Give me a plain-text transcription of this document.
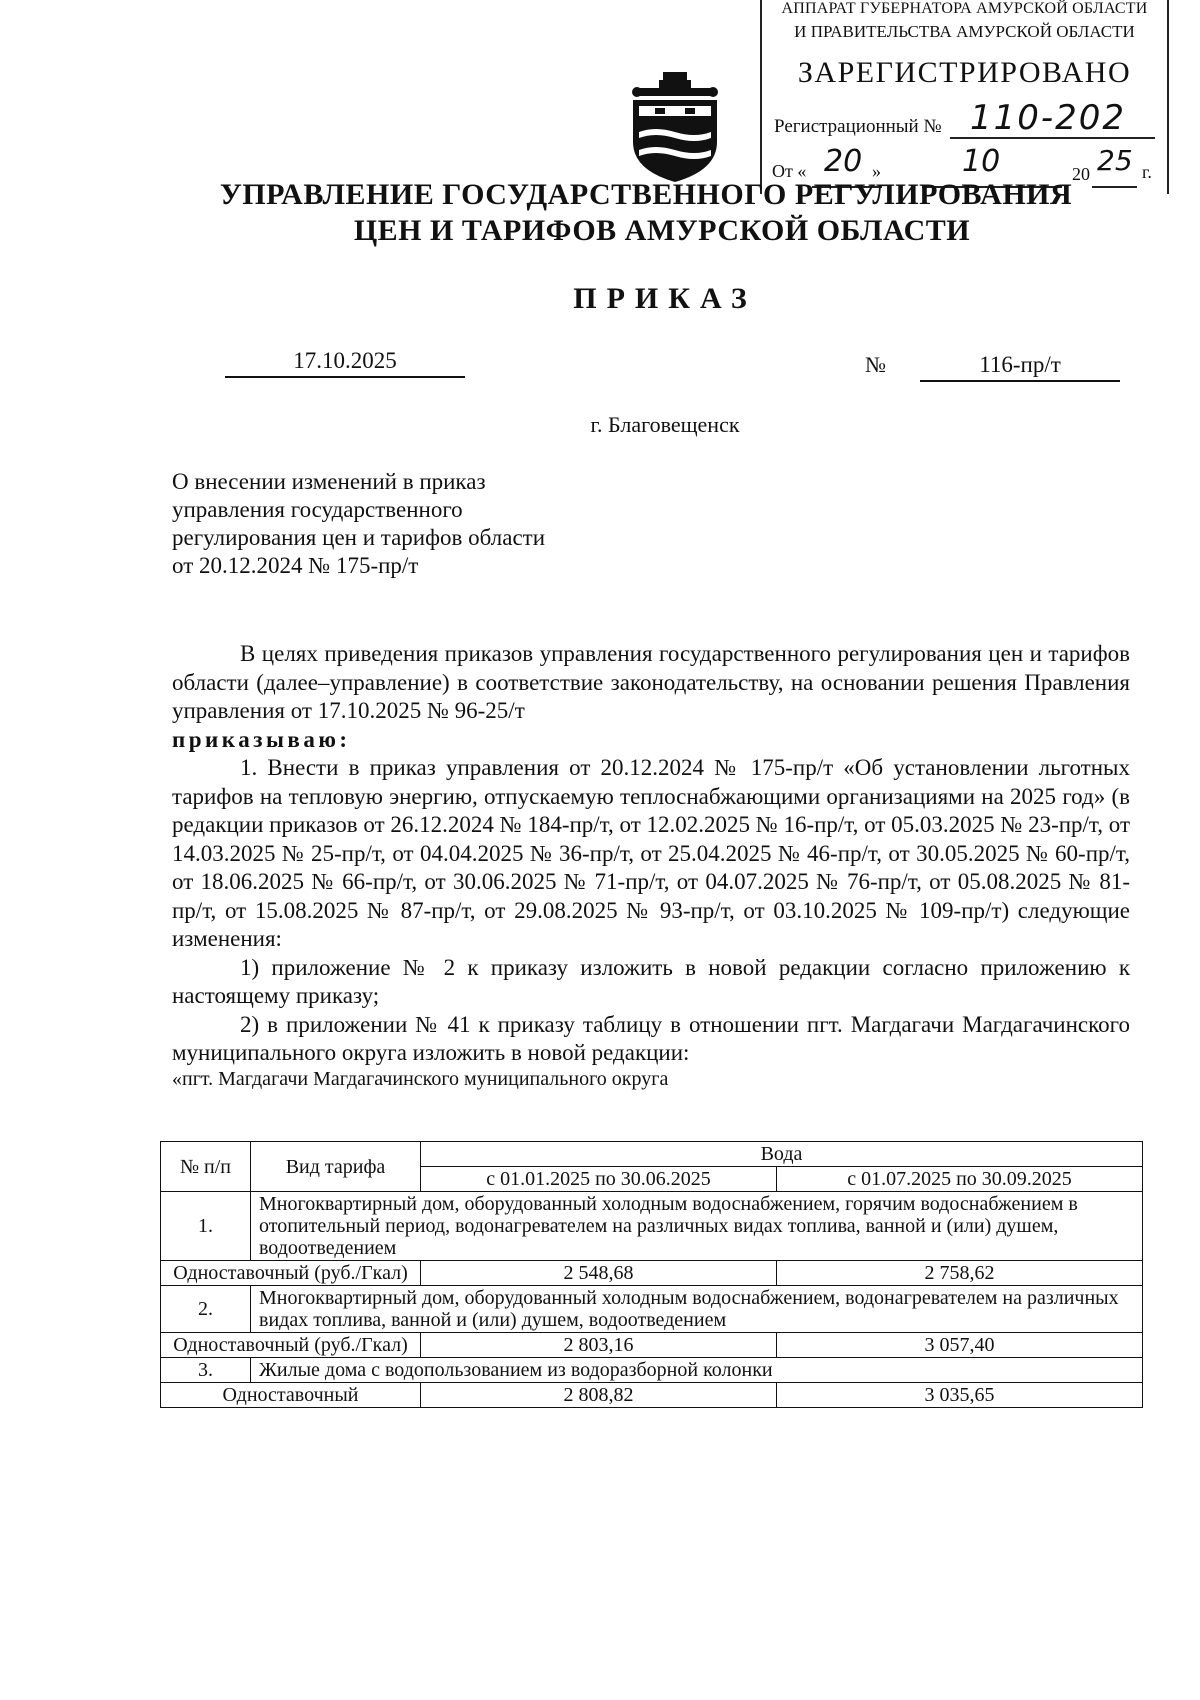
АППАРАТ ГУБЕРНАТОРА АМУРСКОЙ ОБЛАСТИ
И ПРАВИТЕЛЬСТВА АМУРСКОЙ ОБЛАСТИ
ЗАРЕГИСТРИРОВАНО
Регистрационный № 110-202
От « 20 »	10	20 25 г.
УПРАВЛЕНИЕ ГОСУДАРСТВЕННОГО РЕГУЛИРОВАНИЯ
ЦЕН И ТАРИФОВ АМУРСКОЙ ОБЛАСТИ
ПРИКАЗ
17.10.2025	№	116-пр/т
г. Благовещенск
О внесении изменений в приказ
управления государственного
регулирования цен и тарифов области
от 20.12.2024 № 175-пр/т

В целях приведения приказов управления государственного регулирования цен и тарифов области (далее–управление) в соответствие законодательству, на основании решения Правления управления от 17.10.2025 № 96-25/т

приказываю:

1. Внести в приказ управления от 20.12.2024 № 175-пр/т «Об установлении льготных тарифов на тепловую энергию, отпускаемую теплоснабжающими организациями на 2025 год» (в редакции приказов от 26.12.2024 № 184-пр/т, от 12.02.2025 № 16-пр/т, от 05.03.2025 № 23-пр/т, от 14.03.2025 № 25-пр/т, от 04.04.2025 № 36-пр/т, от 25.04.2025 № 46-пр/т, от 30.05.2025 № 60-пр/т, от 18.06.2025 № 66-пр/т, от 30.06.2025 № 71-пр/т, от 04.07.2025 № 76-пр/т, от 05.08.2025 № 81-пр/т, от 15.08.2025 № 87-пр/т, от 29.08.2025 № 93-пр/т, от 03.10.2025 № 109-пр/т) следующие изменения:

1) приложение № 2 к приказу изложить в новой редакции согласно приложению к настоящему приказу;

2) в приложении № 41 к приказу таблицу в отношении пгт. Магдагачи Магдагачинского муниципального округа изложить в новой редакции:

«пгт. Магдагачи Магдагачинского муниципального округа

№ п/п	Вид тарифа	Вода	
		с 01.01.2025 по 30.06.2025	с 01.07.2025 по 30.09.2025
1.	Многоквартирный дом, оборудованный холодным водоснабжением, горячим водоснабжением в отопительный период, водонагревателем на различных видах топлива, ванной и (или) душем, водоотведением		
Одноставочный (руб./Гкал)		2 548,68	2 758,62
2.	Многоквартирный дом, оборудованный холодным водоснабжением, водонагревателем на различных видах топлива, ванной и (или) душем, водоотведением		
Одноставочный (руб./Гкал)		2 803,16	3 057,40
3.	Жилые дома с водопользованием из водоразборной колонки		
Одноставочный		2 808,82	3 035,65
